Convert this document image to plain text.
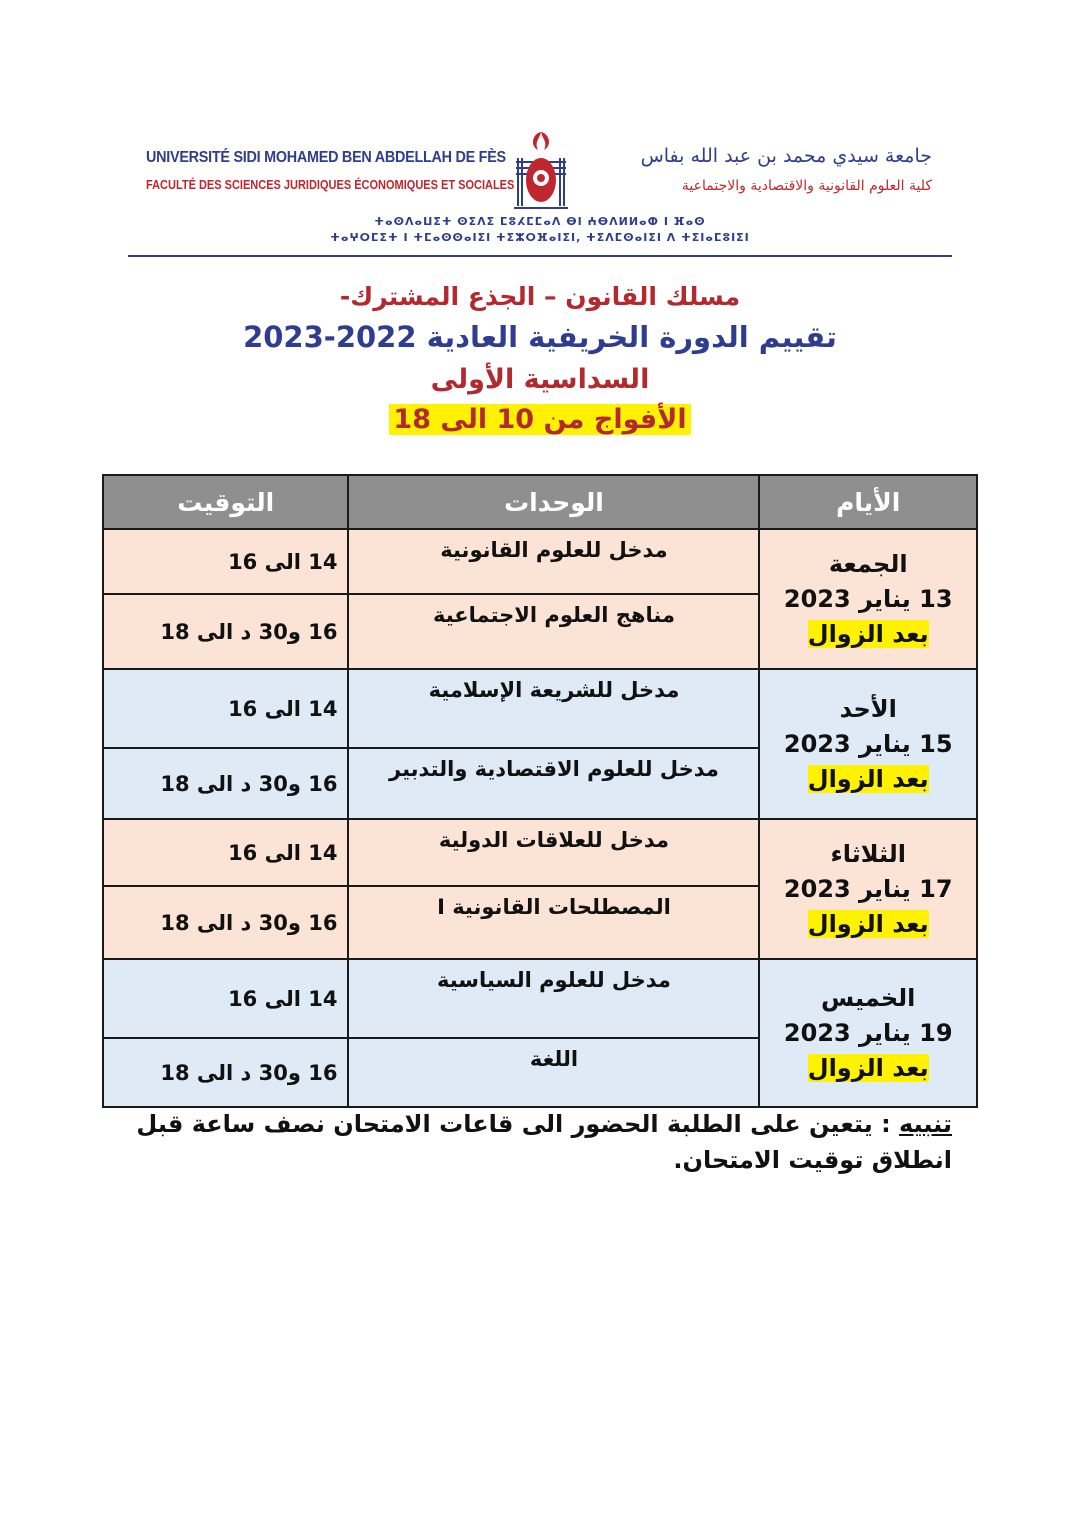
UNIVERSITÉ SIDI MOHAMED BEN ABDELLAH DE FÈS
FACULTÉ DES SCIENCES JURIDIQUES ÉCONOMIQUES ET SOCIALES
جامعة سيدي محمد بن عبد الله بفاس
كلية العلوم القانونية والاقتصادية والاجتماعية
ⵜⴰⵙⴷⴰⵡⵉⵜ ⵙⵉⴷⵉ ⵎⵓⵃⵎⵎⴰⴷ ⴱⵏ ⵄⴱⴷⵍⵍⴰⵀ ⵏ ⴼⴰⵙ
ⵜⴰⵖⵔⵎⵉⵜ ⵏ ⵜⵎⴰⵙⵙⴰⵏⵉⵏ ⵜⵉⵣⵔⴼⴰⵏⵉⵏ, ⵜⵉⴷⵎⵙⴰⵏⵉⵏ ⴷ ⵜⵉⵏⴰⵎⵓⵏⵉⵏ
مسلك القانون – الجذع المشترك-
تقييم الدورة الخريفية العادية 2022-2023
السداسية الأولى
الأفواج من 10 الى 18
الأيام	الوحدات	التوقيت

الجمعة
13 يناير 2023
بعد الزوال	مدخل للعلوم القانونية	14 الى 16
	مناهج العلوم الاجتماعية	16 و30 د الى 18

الأحد
15 يناير 2023
بعد الزوال	مدخل للشريعة الإسلامية	14 الى 16
	مدخل للعلوم الاقتصادية والتدبير	16 و30 د الى 18

الثلاثاء
17 يناير 2023
بعد الزوال	مدخل للعلاقات الدولية	14 الى 16
	المصطلحات القانونية I	16 و30 د الى 18

الخميس
19 يناير 2023
بعد الزوال	مدخل للعلوم السياسية	14 الى 16
	اللغة	16 و30 د الى 18
تنبيه : يتعين على الطلبة الحضور الى قاعات الامتحان نصف ساعة قبل انطلاق توقيت الامتحان.
